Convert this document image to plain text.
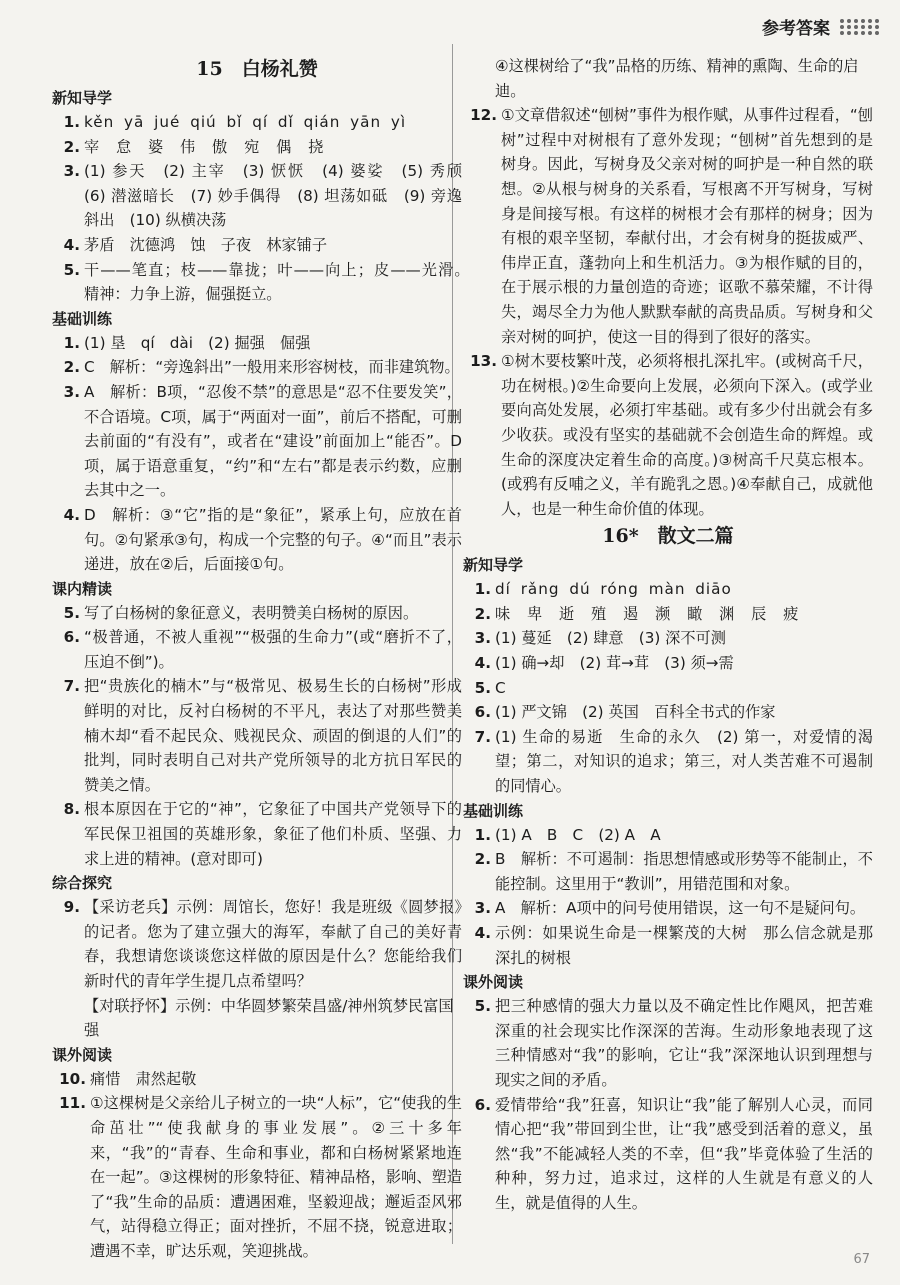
参考答案
15　白杨礼赞
新知导学
1. kěn yā jué qiú bǐ qí dǐ qián yān yì
2. 宰 怠 婆 伟 傲 宛 偶 挠
3. (1) 参天　(2) 主宰　(3) 恹恹　(4) 婆娑　(5) 秀颀　(6) 潜滋暗长　(7) 妙手偶得　(8) 坦荡如砥　(9) 旁逸斜出　(10) 纵横决荡
4. 茅盾　沈德鸿　蚀　子夜　林家铺子
5. 干——笔直；枝——靠拢；叶——向上；皮——光滑。　精神：力争上游，倔强挺立。
基础训练
1. (1) 垦　qí　dài　(2) 掘强　倔强
2. C　解析：“旁逸斜出”一般用来形容树枝，而非建筑物。
3. A　解析：B项，“忍俊不禁”的意思是“忍不住要发笑”，不合语境。C项，属于“两面对一面”，前后不搭配，可删去前面的“有没有”，或者在“建设”前面加上“能否”。D项，属于语意重复，“约”和“左右”都是表示约数，应删去其中之一。
4. D　解析：③“它”指的是“象征”，紧承上句，应放在首句。②句紧承③句，构成一个完整的句子。④“而且”表示递进，放在②后，后面接①句。
课内精读
5. 写了白杨树的象征意义，表明赞美白杨树的原因。
6. “极普通，不被人重视”“极强的生命力”(或“磨折不了，压迫不倒”)。
7. 把“贵族化的楠木”与“极常见、极易生长的白杨树”形成鲜明的对比，反衬白杨树的不平凡，表达了对那些赞美楠木却“看不起民众、贱视民众、顽固的倒退的人们”的批判，同时表明自己对共产党所领导的北方抗日军民的赞美之情。
8. 根本原因在于它的“神”，它象征了中国共产党领导下的军民保卫祖国的英雄形象，象征了他们朴质、坚强、力求上进的精神。(意对即可)
综合探究
9. 【采访老兵】示例：周馆长，您好！我是班级《圆梦报》的记者。您为了建立强大的海军，奉献了自己的美好青春，我想请您谈谈您这样做的原因是什么？您能给我们新时代的青年学生提几点希望吗？
【对联抒怀】示例：中华圆梦繁荣昌盛/神州筑梦民富国强
课外阅读
10. 痛惜　肃然起敬
11. ①这棵树是父亲给儿子树立的一块“人标”，它“使我的生命茁壮”“使我献身的事业发展”。②三十多年来，“我”的“青春、生命和事业，都和白杨树紧紧地连在一起”。③这棵树的形象特征、精神品格，影响、塑造了“我”生命的品质：遭遇困难，坚毅迎战；邂逅歪风邪气，站得稳立得正；面对挫折，不屈不挠，锐意进取；遭遇不幸，旷达乐观，笑迎挑战。
④这棵树给了“我”品格的历练、精神的熏陶、生命的启迪。
12. ①文章借叙述“刨树”事件为根作赋，从事件过程看，“刨树”过程中对树根有了意外发现；“刨树”首先想到的是树身。因此，写树身及父亲对树的呵护是一种自然的联想。②从根与树身的关系看，写根离不开写树身，写树身是间接写根。有这样的树根才会有那样的树身；因为有根的艰辛坚韧，奉献付出，才会有树身的挺拔威严、伟岸正直，蓬勃向上和生机活力。③为根作赋的目的，在于展示根的力量创造的奇迹；讴歌不慕荣耀，不计得失，竭尽全力为他人默默奉献的高贵品质。写树身和父亲对树的呵护，使这一目的得到了很好的落实。
13. ①树木要枝繁叶茂，必须将根扎深扎牢。(或树高千尺，功在树根。)②生命要向上发展，必须向下深入。(或学业要向高处发展，必须打牢基础。或有多少付出就会有多少收获。或没有坚实的基础就不会创造生命的辉煌。或生命的深度决定着生命的高度。)③树高千尺莫忘根本。(或鸦有反哺之义，羊有跪乳之恩。)④奉献自己，成就他人，也是一种生命价值的体现。
16*　散文二篇
新知导学
1. dí rǎng dú róng màn diāo
2. 味 卑 逝 殖 遏 濒 瞰 渊 辰 疲
3. (1) 蔓延　(2) 肆意　(3) 深不可测
4. (1) 确→却　(2) 茸→茸　(3) 须→需
5. C
6. (1) 严文锦　(2) 英国　百科全书式的作家
7. (1) 生命的易逝　生命的永久　(2) 第一，对爱情的渴望；第二，对知识的追求；第三，对人类苦难不可遏制的同情心。
基础训练
1. (1) A　B　C　(2) A　A
2. B　解析：不可遏制：指思想情感或形势等不能制止，不能控制。这里用于“教训”，用错范围和对象。
3. A　解析：A项中的问号使用错误，这一句不是疑问句。
4. 示例：如果说生命是一棵繁茂的大树　那么信念就是那深扎的树根
课外阅读
5. 把三种感情的强大力量以及不确定性比作飓风，把苦难深重的社会现实比作深深的苦海。生动形象地表现了这三种情感对“我”的影响，它让“我”深深地认识到理想与现实之间的矛盾。
6. 爱情带给“我”狂喜，知识让“我”能了解别人心灵，而同情心把“我”带回到尘世，让“我”感受到活着的意义，虽然“我”不能减轻人类的不幸，但“我”毕竟体验了生活的种种，努力过，追求过，这样的人生就是有意义的人生，就是值得的人生。
67
